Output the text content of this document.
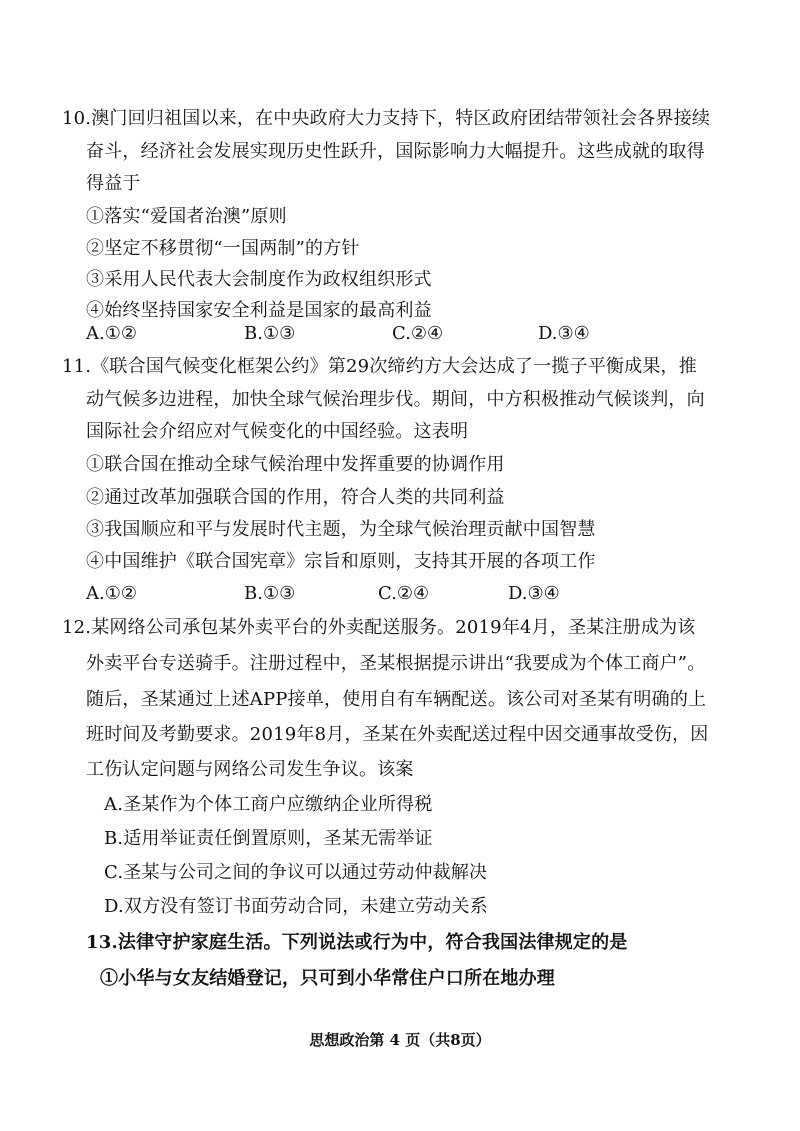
10.澳门回归祖国以来，在中央政府大力支持下，特区政府团结带领社会各界接续
奋斗，经济社会发展实现历史性跃升，国际影响力大幅提升。这些成就的取得
得益于
①落实“爱国者治澳”原则
②坚定不移贯彻“一国两制”的方针
③采用人民代表大会制度作为政权组织形式
④始终坚持国家安全利益是国家的最高利益
A.①②	B.①③	C.②④	D.③④
11.《联合国气候变化框架公约》第29次缔约方大会达成了一揽子平衡成果，推
动气候多边进程，加快全球气候治理步伐。期间，中方积极推动气候谈判，向
国际社会介绍应对气候变化的中国经验。这表明
①联合国在推动全球气候治理中发挥重要的协调作用
②通过改革加强联合国的作用，符合人类的共同利益
③我国顺应和平与发展时代主题，为全球气候治理贡献中国智慧
④中国维护《联合国宪章》宗旨和原则，支持其开展的各项工作
A.①②	B.①③	C.②④	D.③④
12.某网络公司承包某外卖平台的外卖配送服务。2019年4月，圣某注册成为该
外卖平台专送骑手。注册过程中，圣某根据提示讲出“我要成为个体工商户”。
随后，圣某通过上述APP接单，使用自有车辆配送。该公司对圣某有明确的上
班时间及考勤要求。2019年8月，圣某在外卖配送过程中因交通事故受伤，因
工伤认定问题与网络公司发生争议。该案
A.圣某作为个体工商户应缴纳企业所得税
B.适用举证责任倒置原则，圣某无需举证
C.圣某与公司之间的争议可以通过劳动仲裁解决
D.双方没有签订书面劳动合同，未建立劳动关系
13.法律守护家庭生活。下列说法或行为中，符合我国法律规定的是
①小华与女友结婚登记，只可到小华常住户口所在地办理
思想政治第 4 页（共8页）
